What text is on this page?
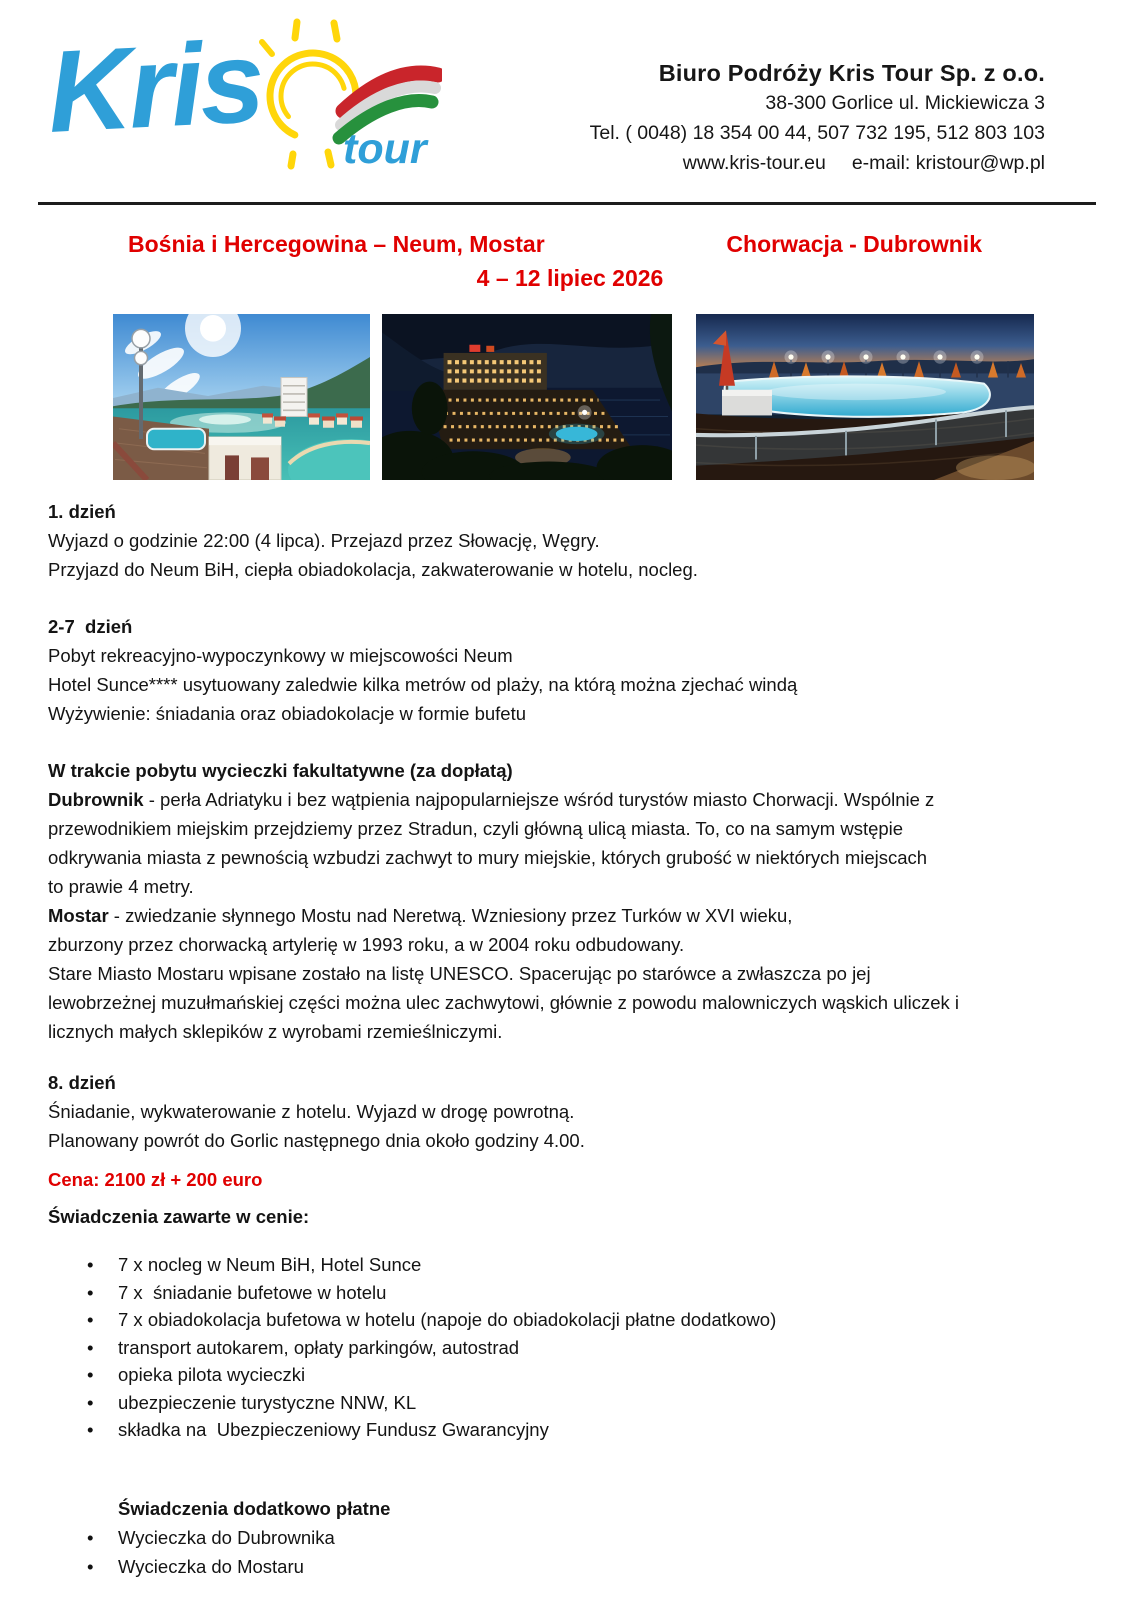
Kris tour
Biuro Podróży Kris Tour Sp. z o.o.
38-300 Gorlice ul. Mickiewicza 3
Tel. ( 0048) 18 354 00 44, 507 732 195, 512 803 103
www.kris-tour.eu e-mail: kristour@wp.pl
Bośnia i Hercegowina – Neum, Mostar	Chorwacja - Dubrownik
4 – 12 lipiec 2026
1. dzień
Wyjazd o godzinie 22:00 (4 lipca). Przejazd przez Słowację, Węgry.
Przyjazd do Neum BiH, ciepła obiadokolacja, zakwaterowanie w hotelu, nocleg.
2-7  dzień
Pobyt rekreacyjno-wypoczynkowy w miejscowości Neum
Hotel Sunce**** usytuowany zaledwie kilka metrów od plaży, na którą można zjechać windą
Wyżywienie: śniadania oraz obiadokolacje w formie bufetu
W trakcie pobytu wycieczki fakultatywne (za dopłatą)
Dubrownik - perła Adriatyku i bez wątpienia najpopularniejsze wśród turystów miasto Chorwacji. Wspólnie z
przewodnikiem miejskim przejdziemy przez Stradun, czyli główną ulicą miasta. To, co na samym wstępie
odkrywania miasta z pewnością wzbudzi zachwyt to mury miejskie, których grubość w niektórych miejscach
to prawie 4 metry.
Mostar - zwiedzanie słynnego Mostu nad Neretwą. Wzniesiony przez Turków w XVI wieku,
zburzony przez chorwacką artylerię w 1993 roku, a w 2004 roku odbudowany.
Stare Miasto Mostaru wpisane zostało na listę UNESCO. Spacerując po starówce a zwłaszcza po jej
lewobrzeżnej muzułmańskiej części można ulec zachwytowi, głównie z powodu malowniczych wąskich uliczek i
licznych małych sklepików z wyrobami rzemieślniczymi.
8. dzień
Śniadanie, wykwaterowanie z hotelu. Wyjazd w drogę powrotną.
Planowany powrót do Gorlic następnego dnia około godziny 4.00.
Cena: 2100 zł + 200 euro
Świadczenia zawarte w cenie:
• 7 x nocleg w Neum BiH, Hotel Sunce
• 7 x  śniadanie bufetowe w hotelu
• 7 x obiadokolacja bufetowa w hotelu (napoje do obiadokolacji płatne dodatkowo)
• transport autokarem, opłaty parkingów, autostrad
• opieka pilota wycieczki
• ubezpieczenie turystyczne NNW, KL
• składka na  Ubezpieczeniowy Fundusz Gwarancyjny
Świadczenia dodatkowo płatne
• Wycieczka do Dubrownika
• Wycieczka do Mostaru
